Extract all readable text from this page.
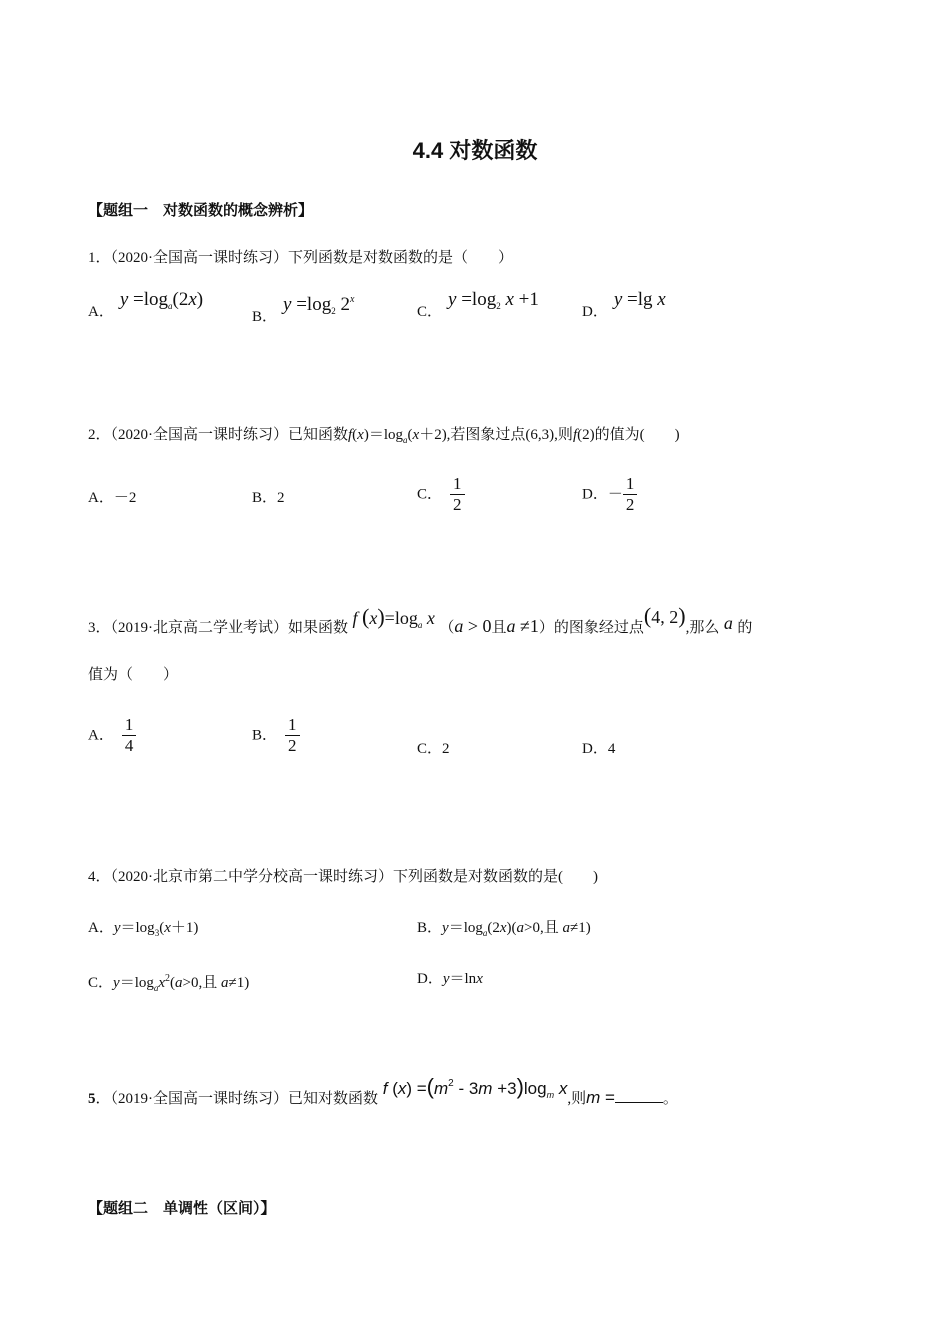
4.4 对数函数
【题组一　对数函数的概念辨析】
1．（2020·全国高一课时练习）下列函数是对数函数的是（　　）
A．$y =\log_a(2x)$
B．$y =\log_2$ 2$^x$
C．$y =\log_2$ x +1
D．y =lg x
2．（2020·全国高一课时练习）已知函数$f(x)=\log_a(x+2)$,若图象过点(6,3),则f(2)的值为(　　)
A．－2	B．2	C． $\frac{1}{2}$	D．－ $\frac{1}{2}$
3．（2019·北京高二学业考试）如果函数 f $(x)=\log_a$ x （a > 0且a ≠1）的图象经过点(4, 2),那么 a 的
值为（　　）
A． $\frac{1}{4}$	B． $\frac{1}{2}$	C．2	D．4
4．（2020·北京市第二中学分校高一课时练习）下列函数是对数函数的是(　　)
A．$y=\log_3(x+1)$	B．$y=\log_a(2x)(a>0$,且 a≠1)
C．$y=\log_ax^2(a>0$,且 a≠1)	D．y＝lnx
5．（2019·全国高一课时练习）已知对数函数 f $(x) =(m^2 - 3m +3)\log_m$ x,则m =	。
【题组二　单调性（区间）】
